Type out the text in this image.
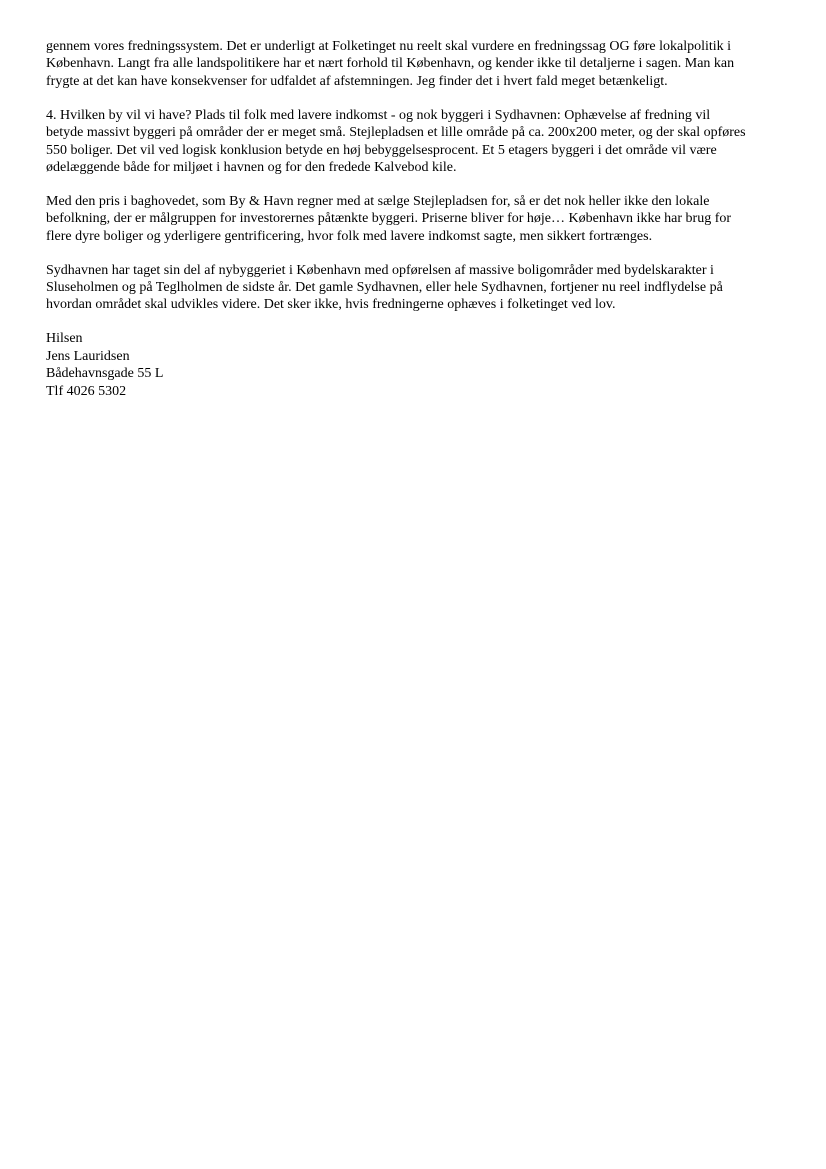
gennem vores fredningssystem. Det er underligt at Folketinget nu reelt skal vurdere en fredningssag OG føre lokalpolitik i
København. Langt fra alle landspolitikere har et nært forhold til København, og kender ikke til detaljerne i sagen. Man kan
frygte at det kan have konsekvenser for udfaldet af afstemningen. Jeg finder det i hvert fald meget betænkeligt.

4. Hvilken by vil vi have? Plads til folk med lavere indkomst - og nok byggeri i Sydhavnen: Ophævelse af fredning vil
betyde massivt byggeri på områder der er meget små. Stejlepladsen et lille område på ca. 200x200 meter, og der skal opføres
550 boliger. Det vil ved logisk konklusion betyde en høj bebyggelsesprocent. Et 5 etagers byggeri i det område vil være
ødelæggende både for miljøet i havnen og for den fredede Kalvebod kile.

Med den pris i baghovedet, som By & Havn regner med at sælge Stejlepladsen for, så er det nok heller ikke den lokale
befolkning, der er målgruppen for investorernes påtænkte byggeri. Priserne bliver for høje… København ikke har brug for
flere dyre boliger og yderligere gentrificering, hvor folk med lavere indkomst sagte, men sikkert fortrænges.

Sydhavnen har taget sin del af nybyggeriet i København med opførelsen af massive boligområder med bydelskarakter i
Sluseholmen og på Teglholmen de sidste år. Det gamle Sydhavnen, eller hele Sydhavnen, fortjener nu reel indflydelse på
hvordan området skal udvikles videre. Det sker ikke, hvis fredningerne ophæves i folketinget ved lov.

Hilsen
Jens Lauridsen
Bådehavnsgade 55 L
Tlf 4026 5302
